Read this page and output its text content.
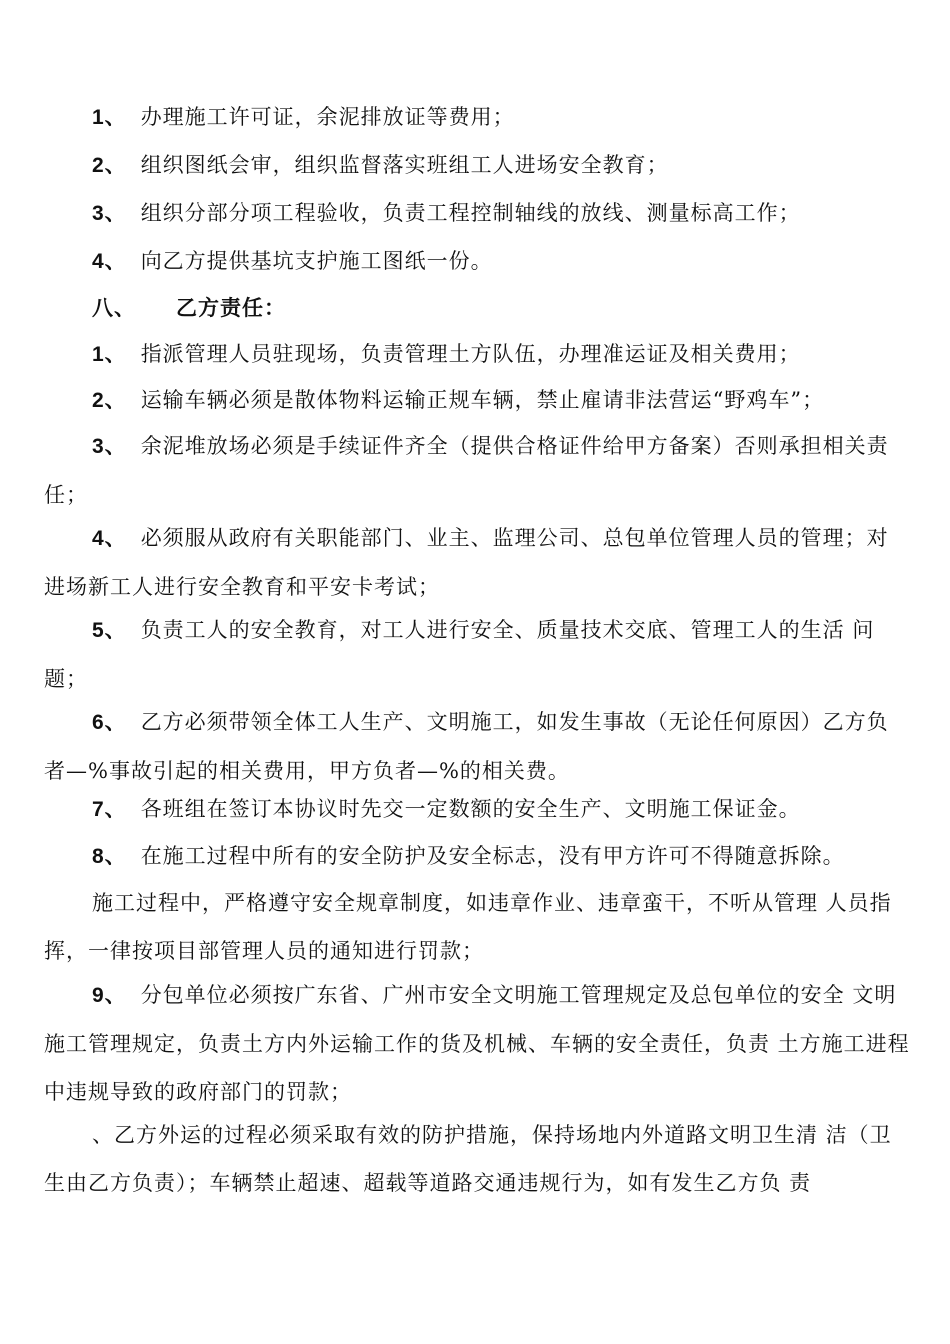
1、 办理施工许可证，余泥排放证等费用；

2、 组织图纸会审，组织监督落实班组工人进场安全教育；

3、 组织分部分项工程验收，负责工程控制轴线的放线、测量标高工作；

4、 向乙方提供基坑支护施工图纸一份。

八、 乙方责任：

1、 指派管理人员驻现场，负责管理土方队伍，办理准运证及相关费用；

2、 运输车辆必须是散体物料运输正规车辆，禁止雇请非法营运“野鸡车”；

3、 余泥堆放场必须是手续证件齐全（提供合格证件给甲方备案）否则承担相关责任；

4、 必须服从政府有关职能部门、业主、监理公司、总包单位管理人员的管理；对进场新工人进行安全教育和平安卡考试；

5、 负责工人的安全教育，对工人进行安全、质量技术交底、管理工人的生活 问题；

6、 乙方必须带领全体工人生产、文明施工，如发生事故（无论任何原因）乙方负者—%事故引起的相关费用，甲方负者—%的相关费。

7、 各班组在签订本协议时先交一定数额的安全生产、文明施工保证金。

8、 在施工过程中所有的安全防护及安全标志，没有甲方许可不得随意拆除。

施工过程中，严格遵守安全规章制度，如违章作业、违章蛮干，不听从管理 人员指挥，一律按项目部管理人员的通知进行罚款；

9、 分包单位必须按广东省、广州市安全文明施工管理规定及总包单位的安全 文明施工管理规定，负责土方内外运输工作的货及机械、车辆的安全责任，负责 土方施工进程中违规导致的政府部门的罚款；

、乙方外运的过程必须采取有效的防护措施，保持场地内外道路文明卫生清 洁（卫生由乙方负责）；车辆禁止超速、超载等道路交通违规行为，如有发生乙方负 责
